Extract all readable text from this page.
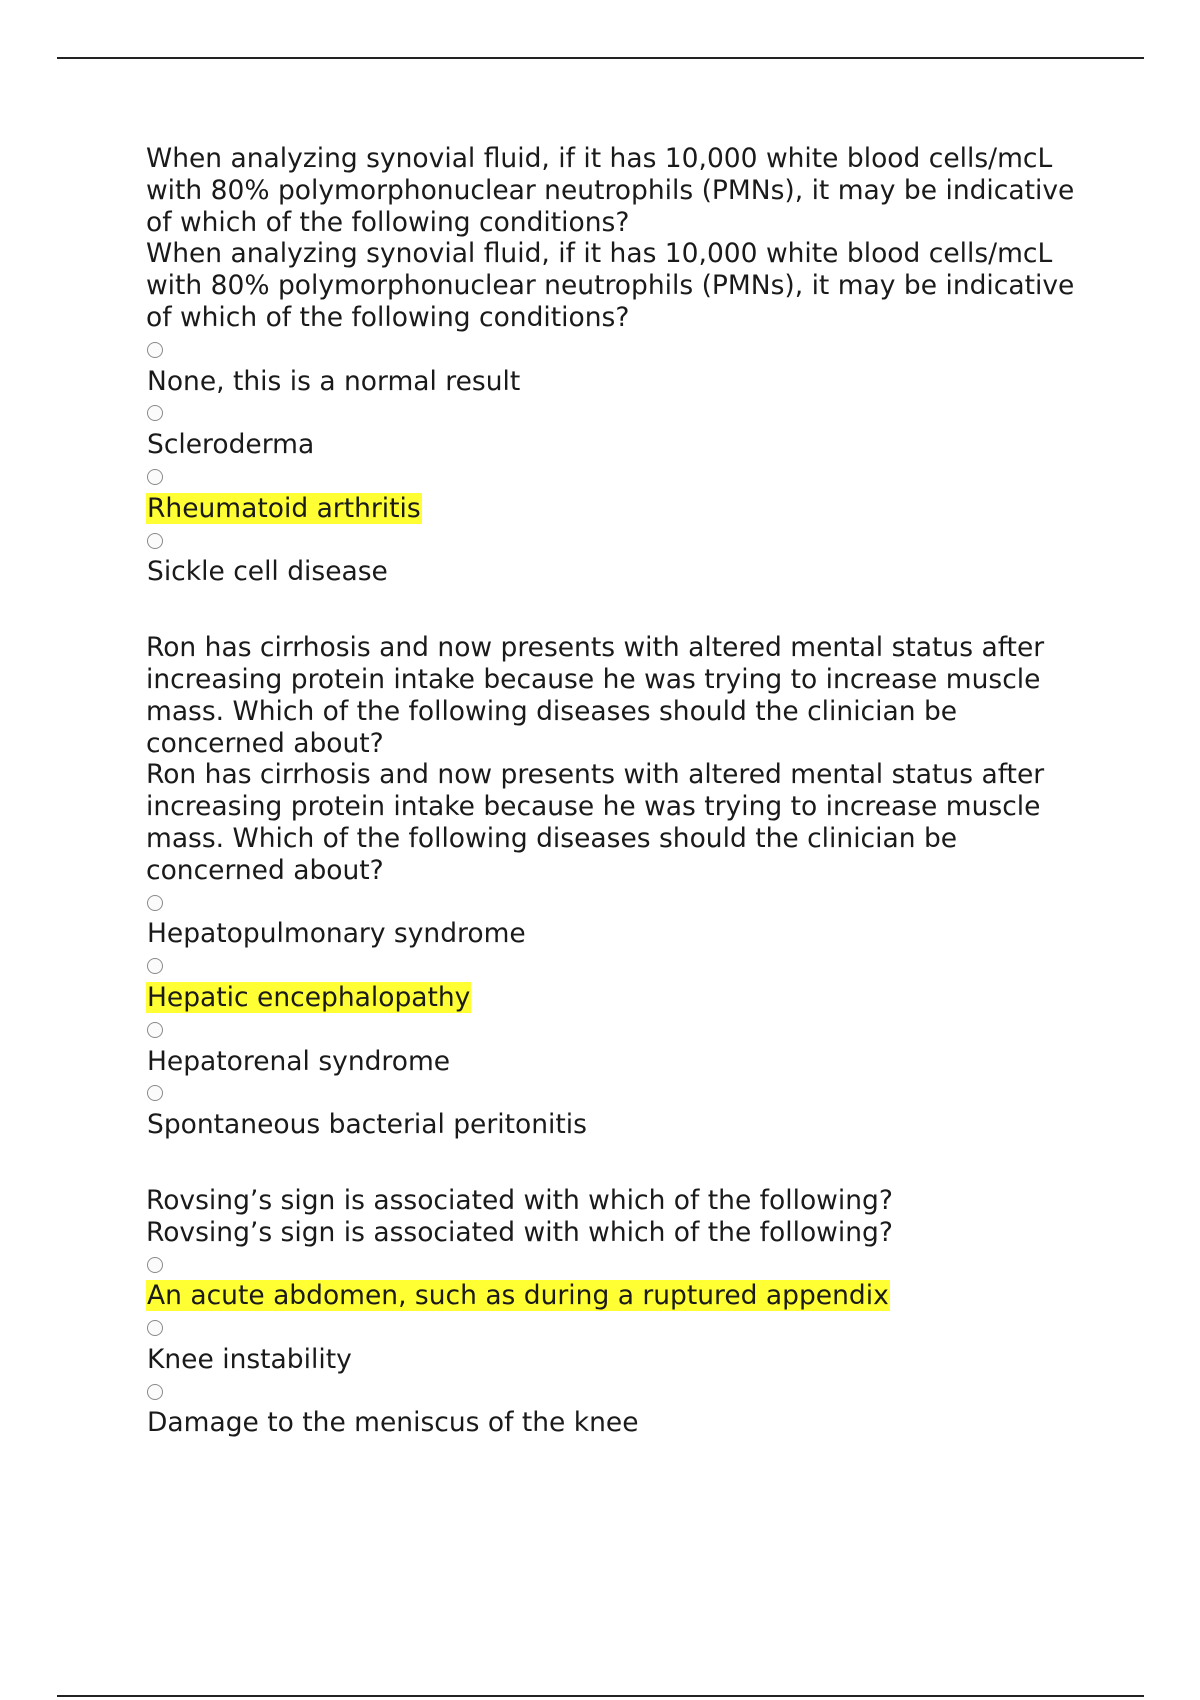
When analyzing synovial fluid, if it has 10,000 white blood cells/mcL with 80% polymorphonuclear neutrophils (PMNs), it may be indicative of which of the following conditions?

When analyzing synovial fluid, if it has 10,000 white blood cells/mcL with 80% polymorphonuclear neutrophils (PMNs), it may be indicative of which of the following conditions?

None, this is a normal result
Scleroderma
Rheumatoid arthritis
Sickle cell disease

Ron has cirrhosis and now presents with altered mental status after increasing protein intake because he was trying to increase muscle mass. Which of the following diseases should the clinician be concerned about?

Ron has cirrhosis and now presents with altered mental status after increasing protein intake because he was trying to increase muscle mass. Which of the following diseases should the clinician be concerned about?

Hepatopulmonary syndrome
Hepatic encephalopathy
Hepatorenal syndrome
Spontaneous bacterial peritonitis

Rovsing’s sign is associated with which of the following?

Rovsing’s sign is associated with which of the following?

An acute abdomen, such as during a ruptured appendix
Knee instability
Damage to the meniscus of the knee
